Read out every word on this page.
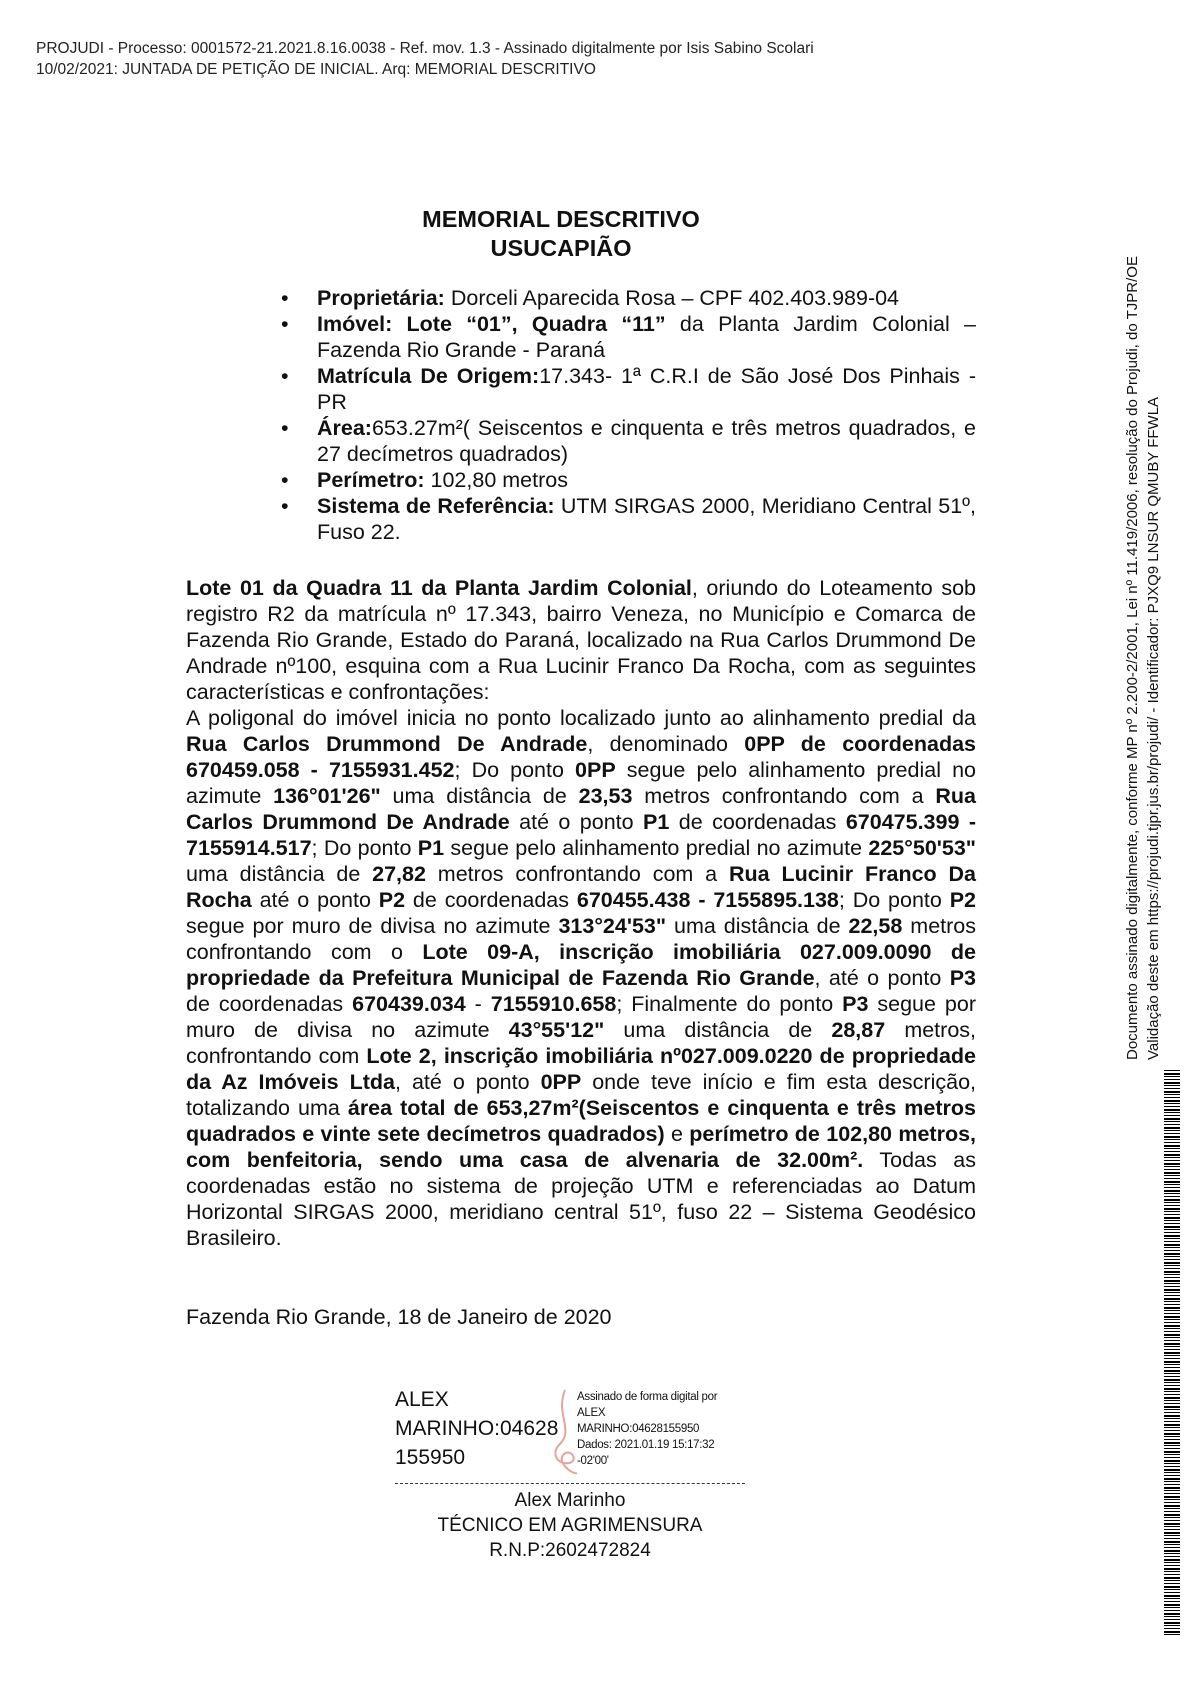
PROJUDI - Processo: 0001572-21.2021.8.16.0038 - Ref. mov. 1.3 - Assinado digitalmente por Isis Sabino Scolari
10/02/2021: JUNTADA DE PETIÇÃO DE INICIAL. Arq: MEMORIAL DESCRITIVO
Documento assinado digitalmente, conforme MP nº 2.200-2/2001, Lei nº 11.419/2006, resolução do Projudi, do TJPR/OE Validação deste em https://projudi.tjpr.jus.br/projudi/ - Identificador: PJXQ9 LNSUR QMUBY FFWLA
MEMORIAL DESCRITIVO
USUCAPIÃO
• Proprietária: Dorceli Aparecida Rosa – CPF 402.403.989-04
• Imóvel: Lote “01”, Quadra “11” da Planta Jardim Colonial – Fazenda Rio Grande - Paraná
• Matrícula De Origem:17.343- 1ª C.R.I de São José Dos Pinhais - PR
• Área:653.27m²( Seiscentos e cinquenta e três metros quadrados, e 27 decímetros quadrados)
• Perímetro: 102,80 metros
• Sistema de Referência: UTM SIRGAS 2000, Meridiano Central 51º, Fuso 22.

Lote 01 da Quadra 11 da Planta Jardim Colonial, oriundo do Loteamento sob registro R2 da matrícula nº 17.343, bairro Veneza, no Município e Comarca de Fazenda Rio Grande, Estado do Paraná, localizado na Rua Carlos Drummond De Andrade nº100, esquina com a Rua Lucinir Franco Da Rocha, com as seguintes características e confrontações:

A poligonal do imóvel inicia no ponto localizado junto ao alinhamento predial da Rua Carlos Drummond De Andrade, denominado 0PP de coordenadas 670459.058 - 7155931.452; Do ponto 0PP segue pelo alinhamento predial no azimute 136°01'26" uma distância de 23,53 metros confrontando com a Rua Carlos Drummond De Andrade até o ponto P1 de coordenadas 670475.399 - 7155914.517; Do ponto P1 segue pelo alinhamento predial no azimute 225°50'53" uma distância de 27,82 metros confrontando com a Rua Lucinir Franco Da Rocha até o ponto P2 de coordenadas 670455.438 - 7155895.138; Do ponto P2 segue por muro de divisa no azimute 313°24'53" uma distância de 22,58 metros confrontando com o Lote 09-A, inscrição imobiliária 027.009.0090 de propriedade da Prefeitura Municipal de Fazenda Rio Grande, até o ponto P3 de coordenadas 670439.034 - 7155910.658; Finalmente do ponto P3 segue por muro de divisa no azimute 43°55'12" uma distância de 28,87 metros, confrontando com Lote 2, inscrição imobiliária nº027.009.0220 de propriedade da Az Imóveis Ltda, até o ponto 0PP onde teve início e fim esta descrição, totalizando uma área total de 653,27m²(Seiscentos e cinquenta e três metros quadrados e vinte sete decímetros quadrados) e perímetro de 102,80 metros, com benfeitoria, sendo uma casa de alvenaria de 32.00m². Todas as coordenadas estão no sistema de projeção UTM e referenciadas ao Datum Horizontal SIRGAS 2000, meridiano central 51º, fuso 22 – Sistema Geodésico Brasileiro.

Fazenda Rio Grande, 18 de Janeiro de 2020
ALEX
MARINHO:04628
155950
Assinado de forma digital por
ALEX
MARINHO:04628155950
Dados: 2021.01.19 15:17:32
-02'00'
Alex Marinho
TÉCNICO EM AGRIMENSURA
R.N.P:2602472824
